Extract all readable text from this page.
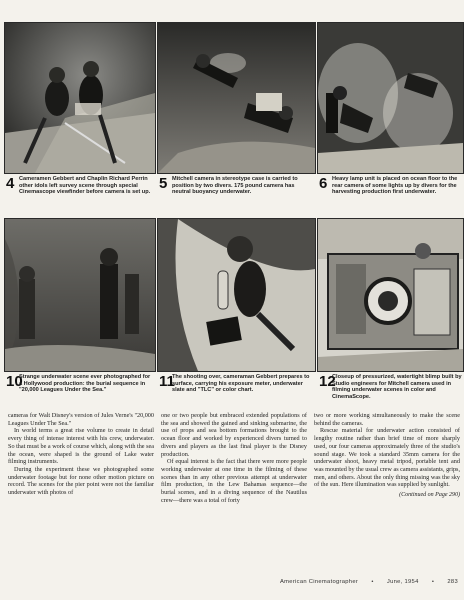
4 Cameramen Gebbert and Chaplin Richard Perrin other idols left survey scene through special Cinemascope viewfinder before camera is set up.
5 Mitchell camera in stereotype case is carried to position by two divers. 175 pound camera has neutral buoyancy underwater.
6 Heavy lamp unit is placed on ocean floor to the rear camera of some lights up by divers for the harvesting production first underwater.
10
Strange underwater scene ever photographed for a Hollywood production: the burial sequence in "20,000 Leagues Under the Sea."
11
The shooting over, cameraman Gebbert prepares to surface, carrying his exposure meter, underwater slate and "TLC" or color chart.
12
Closeup of pressurized, watertight blimp built by Studio engineers for Mitchell camera used in filming underwater scenes in color and CinemaScope.

cameras for Walt Disney's version of Jules Verne's "20,000 Leagues Under The Sea."

In world terms a great rise volume to create in detail every thing of intense interest with his crew, underwater. So that must be a work of course which, along with the sea the ocean, were shaped is the ground of Lake water filming instruments.

During the experiment these we photographed some underwater footage but for none other motion picture on record. The scenes for the pier point were not the familiar underwater with photos of

one or two people but embraced extended populations of the sea and showed the gained and sinking submarine, the use of props and sea bottom formations brought to the ocean floor and worked by experienced divers turned to divers and players as the last final player is the Disney production.

Of equal interest is the fact that there were more people working underwater at one time in the filming of these scenes than in any other previous attempt at underwater film production, in the Lew Bahamas sequence—the burial scenes, and in a diving sequence of the Nautilus crew—there was a total of forty

two or more working simultaneously to make the scene behind the cameras.

Rescue material for underwater action consisted of lengthy routine rather than brief time of more sharply used, our four cameras approximately three of the studio's sound stage. We took a standard 35mm camera for the underwater shoot, heavy metal tripod, portable tent and was mounted by the usual crew as camera assistants, grips, men, and others. About the only thing missing was the sky of the sun. Here illumination was supplied by sunlight.

(Continued on Page 290)
American Cinematographer • June, 1954 • 283
